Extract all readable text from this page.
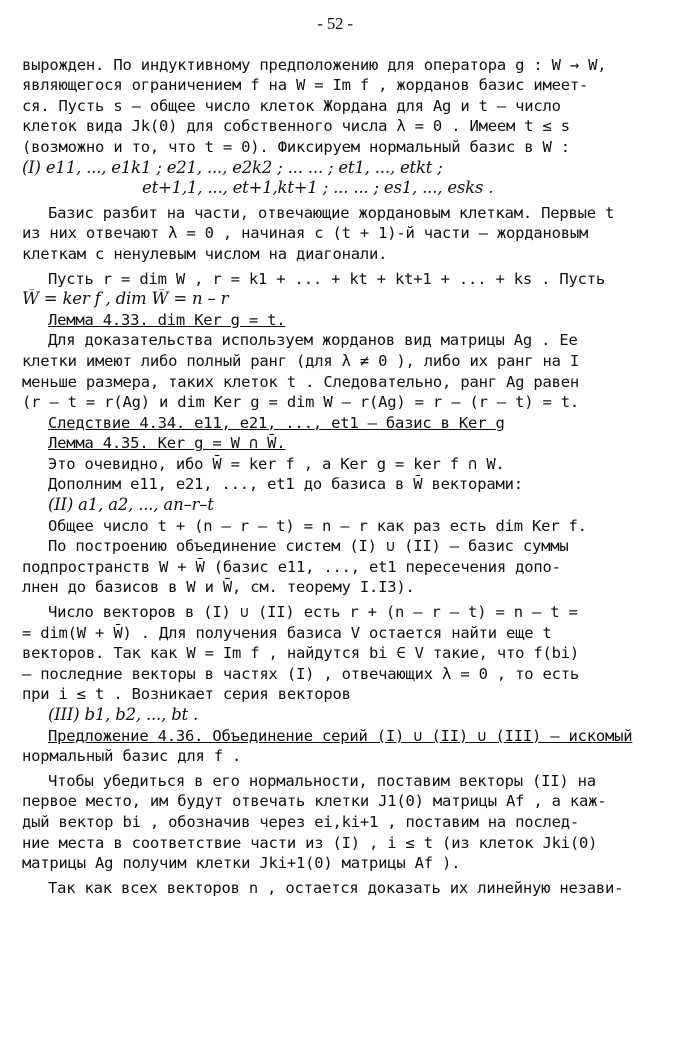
- 52 -
вырожден. По индуктивному предположению для оператора g : W → W,
являющегося ограничением f на W = Im f , жорданов базис имеет-
ся. Пусть s – общее число клеток Жордана для Ag и t – число
клеток вида Jk(0) для собственного числа λ = 0 . Имеем t ≤ s
(возможно и то, что t = 0). Фиксируем нормальный базис в W :
(I) e11, ..., e1k1 ; e21, ..., e2k2 ; ... ... ; et1, ..., etkt ;
et+1,1, ..., et+1,kt+1 ; ... ... ; es1, ..., esks .
Базис разбит на части, отвечающие жордановым клеткам. Первые t
из них отвечают λ = 0 , начиная с (t + 1)-й части – жордановым
клеткам с ненулевым числом на диагонали.
Пусть r = dim W , r = k1 + ... + kt + kt+1 + ... + ks . Пусть
W̄ = ker f , dim W̄ = n – r
Лемма 4.33. dim Ker g = t.
Для доказательства используем жорданов вид матрицы Ag . Ее
клетки имеют либо полный ранг (для λ ≠ 0 ), либо их ранг на I
меньше размера, таких клеток t . Следовательно, ранг Ag равен
(r – t = r(Ag) и dim Ker g = dim W – r(Ag) = r – (r – t) = t.
Следствие 4.34. e11, e21, ..., et1 – базис в Ker g
Лемма 4.35. Ker g = W ∩ W̄.
Это очевидно, ибо W̄ = ker f , а Ker g = ker f ∩ W.
Дополним e11, e21, ..., et1 до базиса в W̄ векторами:
(II) a1, a2, ..., an–r–t
Общее число t + (n – r – t) = n – r как раз есть dim Ker f.
По построению объединение систем (I) ∪ (II) – базис суммы
подпространств W + W̄ (базис e11, ..., et1 пересечения допо-
лнен до базисов в W и W̄, см. теорему I.I3).
Число векторов в (I) ∪ (II) есть r + (n – r – t) = n – t =
= dim(W + W̄) . Для получения базиса V остается найти еще t
векторов. Так как W = Im f , найдутся bi ∈ V такие, что f(bi)
– последние векторы в частях (I) , отвечающих λ = 0 , то есть
при i ≤ t . Возникает серия векторов
(III) b1, b2, ..., bt .
Предложение 4.36. Объединение серий (I) ∪ (II) ∪ (III) – искомый
нормальный базис для f .
Чтобы убедиться в его нормальности, поставим векторы (II) на
первое место, им будут отвечать клетки J1(0) матрицы Af , а каж-
дый вектор bi , обозначив через ei,ki+1 , поставим на послед-
ние места в соответствие части из (I) , i ≤ t (из клеток Jki(0)
матрицы Ag получим клетки Jki+1(0) матрицы Af ).
Так как всех векторов n , остается доказать их линейную незави-
